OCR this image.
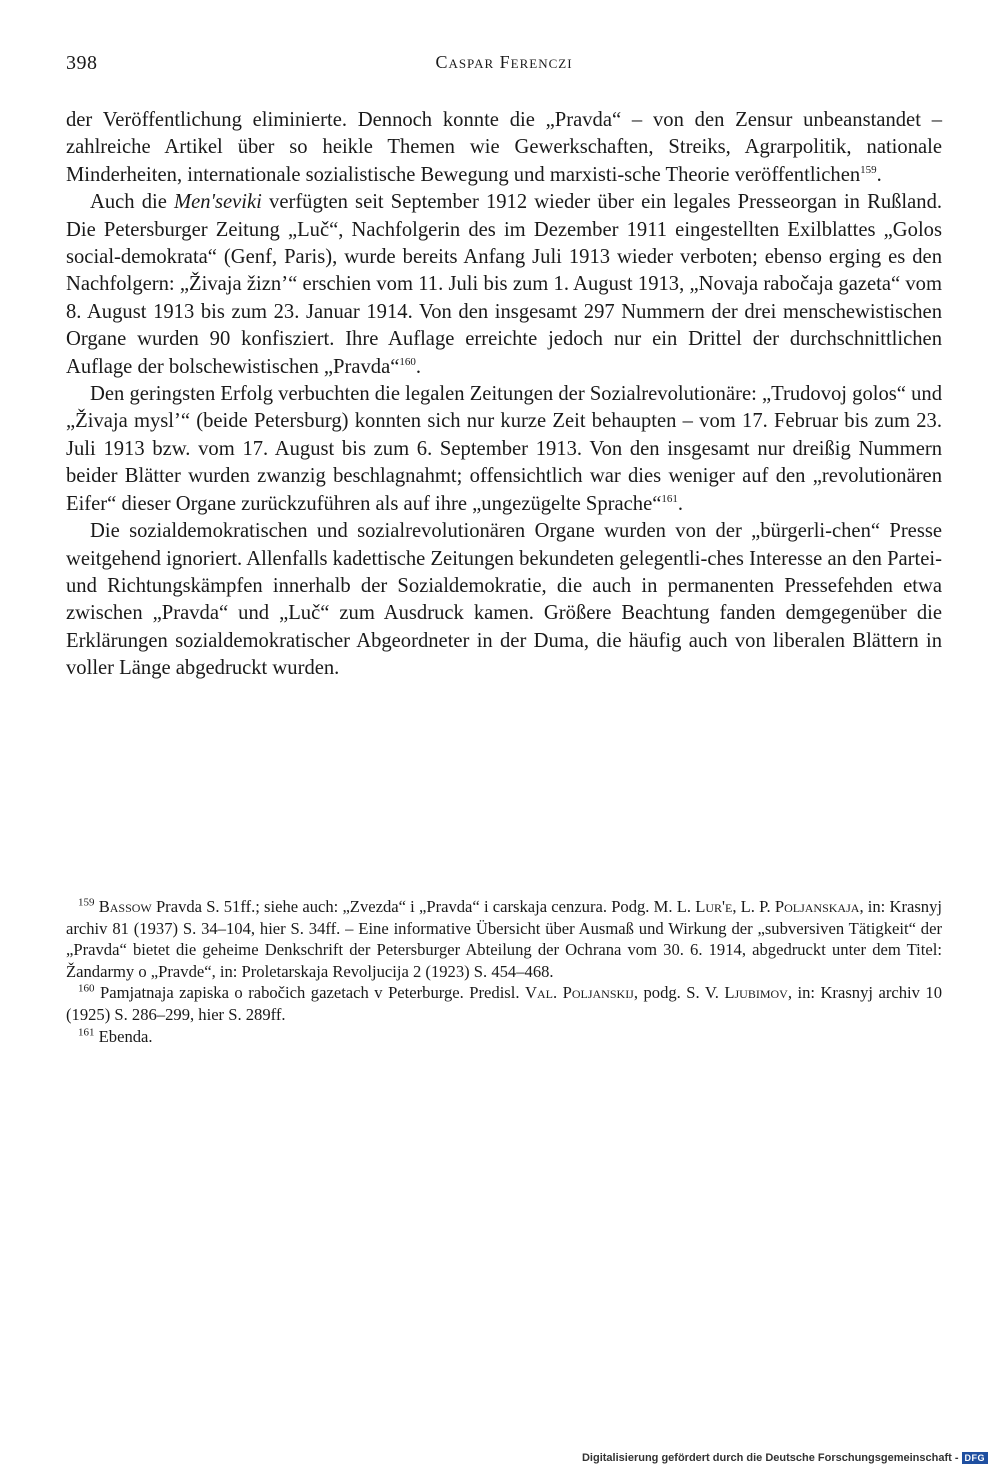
398	Caspar Ferenczi

der Veröffentlichung eliminierte. Dennoch konnte die „Pravda“ – von den Zensur unbeanstandet – zahlreiche Artikel über so heikle Themen wie Gewerkschaften, Streiks, Agrarpolitik, nationale Minderheiten, internationale sozialistische Bewegung und marxisti-sche Theorie veröffentlichen$^{159}$.

Auch die Men'seviki verfügten seit September 1912 wieder über ein legales Presseorgan in Rußland. Die Petersburger Zeitung „Luč“, Nachfolgerin des im Dezember 1911 eingestellten Exilblattes „Golos social-demokrata“ (Genf, Paris), wurde bereits Anfang Juli 1913 wieder verboten; ebenso erging es den Nachfolgern: „Živaja žizn’“ erschien vom 11. Juli bis zum 1. August 1913, „Novaja rabočaja gazeta“ vom 8. August 1913 bis zum 23. Januar 1914. Von den insgesamt 297 Nummern der drei menschewistischen Organe wurden 90 konfisziert. Ihre Auflage erreichte jedoch nur ein Drittel der durchschnittlichen Auflage der bolschewistischen „Pravda“$^{160}$.

Den geringsten Erfolg verbuchten die legalen Zeitungen der Sozialrevolutionäre: „Trudovoj golos“ und „Živaja mysl’“ (beide Petersburg) konnten sich nur kurze Zeit behaupten – vom 17. Februar bis zum 23. Juli 1913 bzw. vom 17. August bis zum 6. September 1913. Von den insgesamt nur dreißig Nummern beider Blätter wurden zwanzig beschlagnahmt; offensichtlich war dies weniger auf den „revolutionären Eifer“ dieser Organe zurückzuführen als auf ihre „ungezügelte Sprache“$^{161}$.

Die sozialdemokratischen und sozialrevolutionären Organe wurden von der „bürgerli-chen“ Presse weitgehend ignoriert. Allenfalls kadettische Zeitungen bekundeten gelegentli-ches Interesse an den Partei- und Richtungskämpfen innerhalb der Sozialdemokratie, die auch in permanenten Pressefehden etwa zwischen „Pravda“ und „Luč“ zum Ausdruck kamen. Größere Beachtung fanden demgegenüber die Erklärungen sozialdemokratischer Abgeordneter in der Duma, die häufig auch von liberalen Blättern in voller Länge abgedruckt wurden.

$^{159}$ Bassow Pravda S. 51ff.; siehe auch: „Zvezda“ i „Pravda“ i carskaja cenzura. Podg. M. L. Lur'e, L. P. Poljanskaja, in: Krasnyj archiv 81 (1937) S. 34–104, hier S. 34ff. – Eine informative Übersicht über Ausmaß und Wirkung der „subversiven Tätigkeit“ der „Pravda“ bietet die geheime Denkschrift der Petersburger Abteilung der Ochrana vom 30. 6. 1914, abgedruckt unter dem Titel: Žandarmy o „Pravde“, in: Proletarskaja Revoljucija 2 (1923) S. 454–468.

$^{160}$ Pamjatnaja zapiska o rabočich gazetach v Peterburge. Predisl. Val. Poljanskij, podg. S. V. Ljubimov, in: Krasnyj archiv 10 (1925) S. 286–299, hier S. 289ff.

$^{161}$ Ebenda.

Digitalisierung gefördert durch die Deutsche Forschungsgemeinschaft - DFG
